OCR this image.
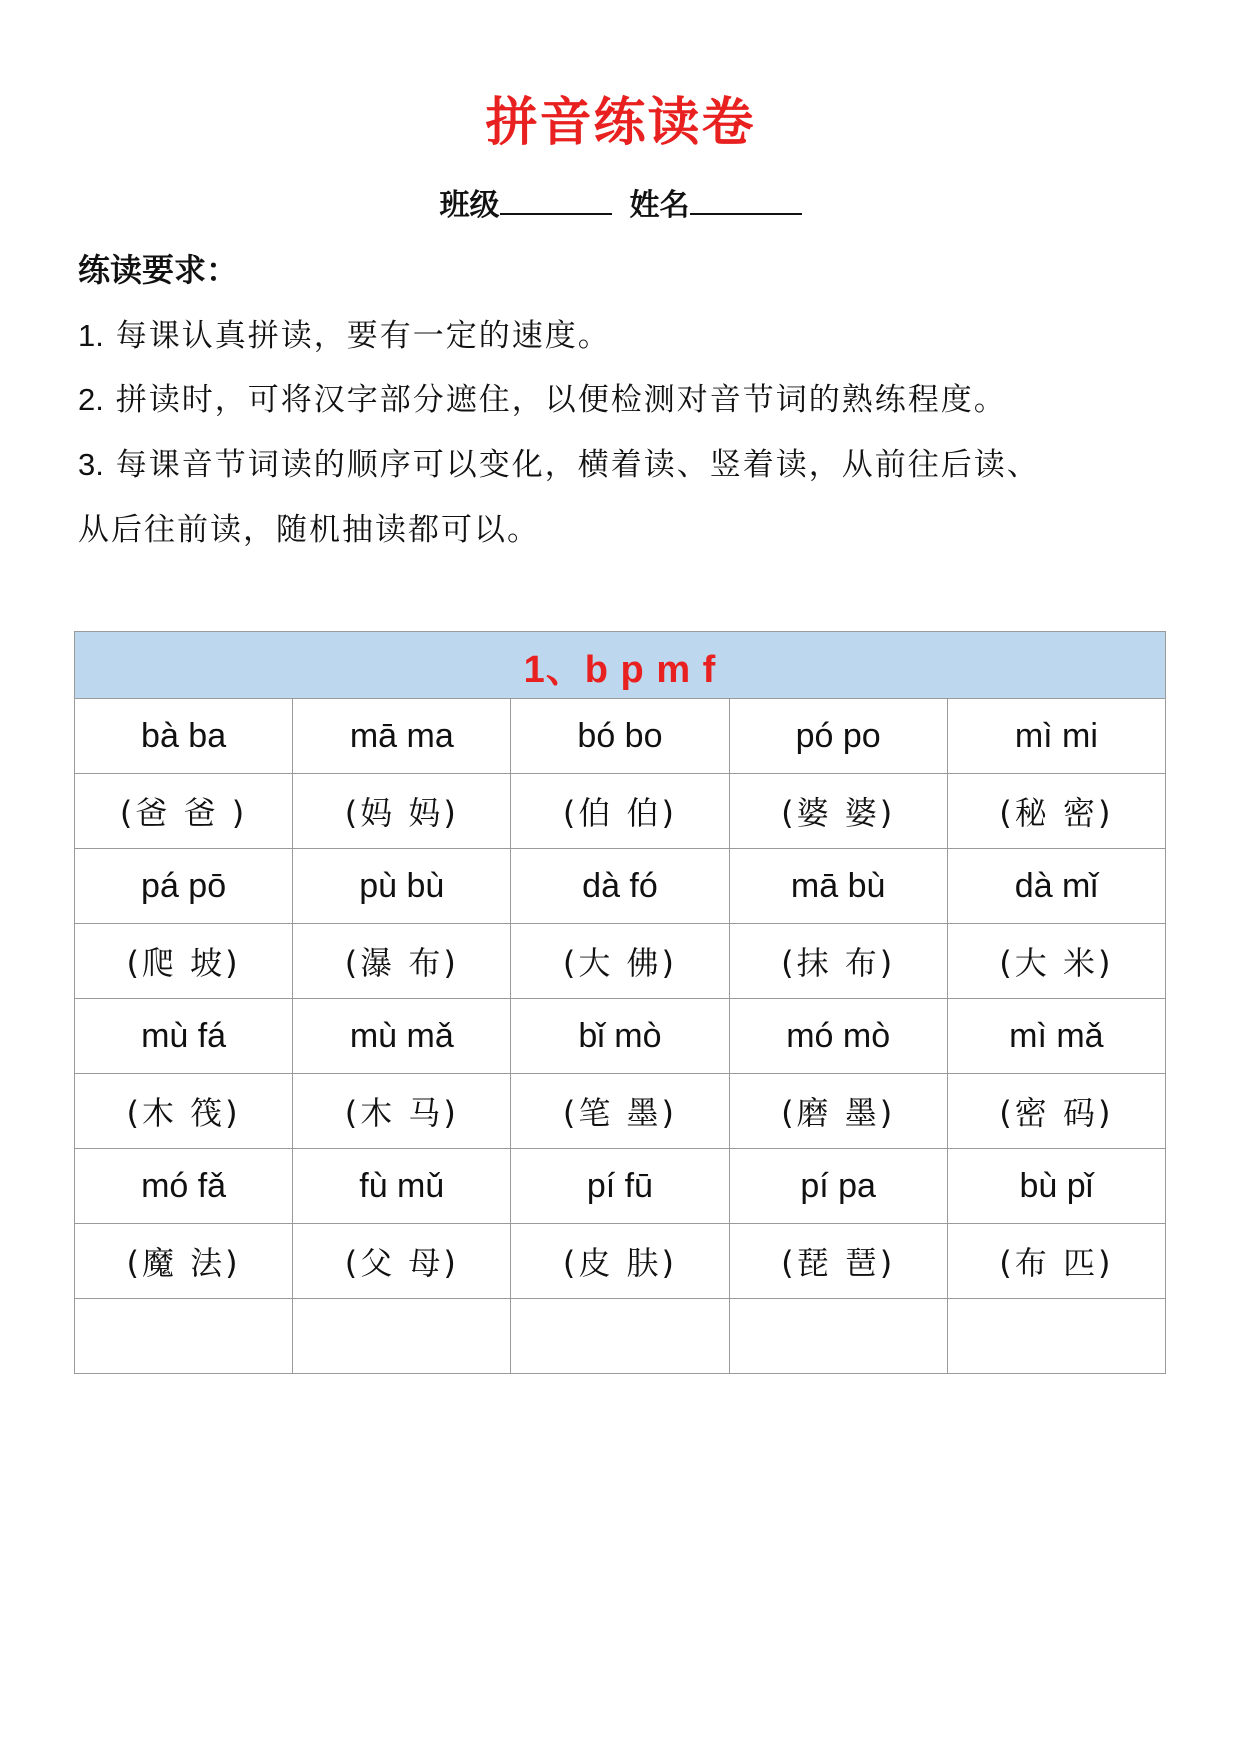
拼音练读卷
班级	姓名
练读要求：
1. 每课认真拼读，要有一定的速度。
2. 拼读时，可将汉字部分遮住，以便检测对音节词的熟练程度。
3. 每课音节词读的顺序可以变化，横着读、竖着读，从前往后读、
从后往前读，随机抽读都可以。
1、b p m f				
bà ba	mā ma	bó bo	pó po	mì mi
(爸 爸 )	(妈 妈)	(伯 伯)	(婆 婆)	(秘 密)
pá pō	pù bù	dà fó	mā bù	dà mǐ
(爬 坡)	(瀑 布)	(大 佛)	(抹 布)	(大 米)
mù fá	mù mǎ	bǐ mò	mó mò	mì mǎ
(木 筏)	(木 马)	(笔 墨)	(磨 墨)	(密 码)
mó fǎ	fù mǔ	pí fū	pí pa	bù pǐ
(魔 法)	(父 母)	(皮 肤)	(琵 琶)	(布 匹)
